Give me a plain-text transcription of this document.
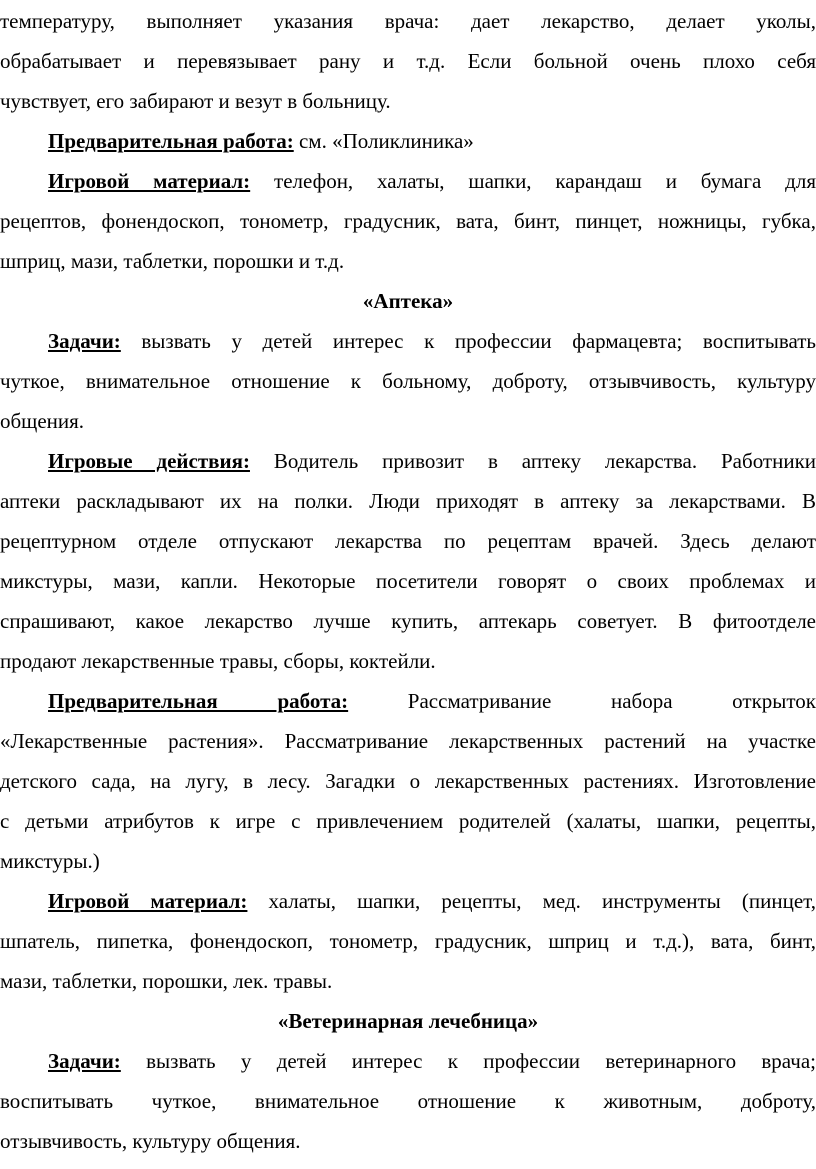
температуру, выполняет указания врача: дает лекарство, делает уколы,
обрабатывает и перевязывает рану и т.д. Если больной очень плохо себя
чувствует, его забирают и везут в больницу.
Предварительная работа: см. «Поликлиника»
Игровой материал: телефон, халаты, шапки, карандаш и бумага для
рецептов, фонендоскоп, тонометр, градусник, вата, бинт, пинцет, ножницы, губка,
шприц, мази, таблетки, порошки и т.д.
«Аптека»
Задачи: вызвать у детей интерес к профессии фармацевта; воспитывать
чуткое, внимательное отношение к больному, доброту, отзывчивость, культуру
общения.
Игровые действия: Водитель привозит в аптеку лекарства. Работники
аптеки раскладывают их на полки. Люди приходят в аптеку за лекарствами. В
рецептурном отделе отпускают лекарства по рецептам врачей. Здесь делают
микстуры, мази, капли. Некоторые посетители говорят о своих проблемах и
спрашивают, какое лекарство лучше купить, аптекарь советует. В фитоотделе
продают лекарственные травы, сборы, коктейли.
Предварительная работа: Рассматривание набора открыток
«Лекарственные растения». Рассматривание лекарственных растений на участке
детского сада, на лугу, в лесу. Загадки о лекарственных растениях. Изготовление
с детьми атрибутов к игре с привлечением родителей (халаты, шапки, рецепты,
микстуры.)
Игровой материал: халаты, шапки, рецепты, мед. инструменты (пинцет,
шпатель, пипетка, фонендоскоп, тонометр, градусник, шприц и т.д.), вата, бинт,
мази, таблетки, порошки, лек. травы.
«Ветеринарная лечебница»
Задачи: вызвать у детей интерес к профессии ветеринарного врача;
воспитывать чуткое, внимательное отношение к животным, доброту,
отзывчивость, культуру общения.
